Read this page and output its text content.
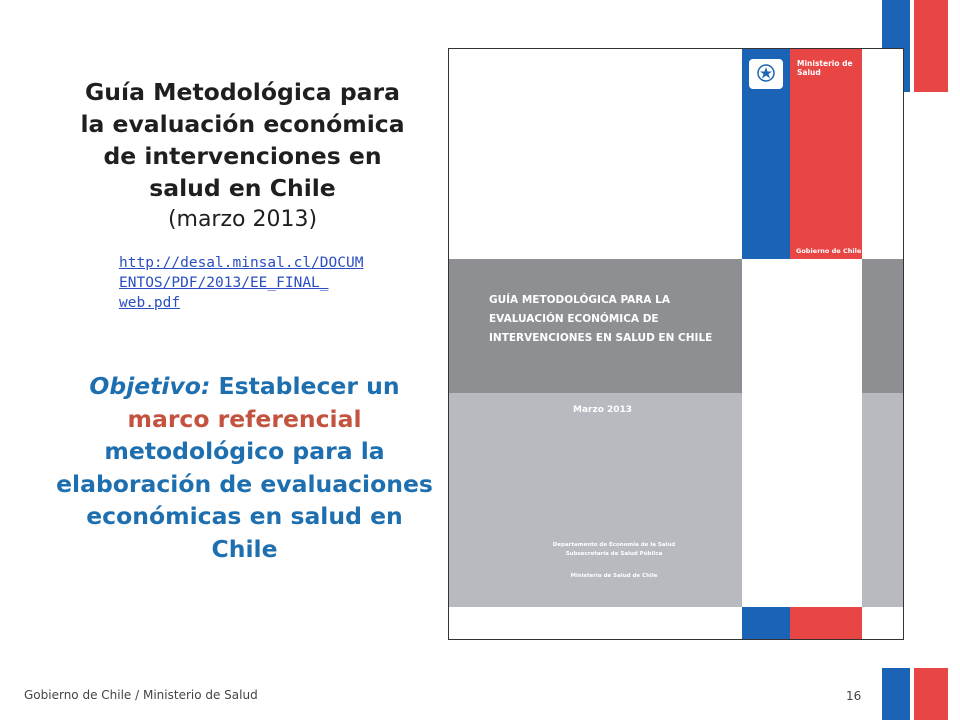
Guía Metodológica para
la evaluación económica
de intervenciones en
salud en Chile
(marzo 2013)
http://desal.minsal.cl/DOCUM
ENTOS/PDF/2013/EE_FINAL_
web.pdf
Objetivo: Establecer un marco referencial metodológico para la elaboración de evaluaciones económicas en salud en Chile
Ministerio de Salud
Gobierno de Chile
GUÍA METODOLÓGICA PARA LA
EVALUACIÓN ECONÓMICA DE
INTERVENCIONES EN SALUD EN CHILE
Marzo 2013
Departamento de Economía de la Salud
Subsecretaría de Salud Pública
Ministerio de Salud de Chile
Gobierno de Chile / Ministerio de Salud	16
